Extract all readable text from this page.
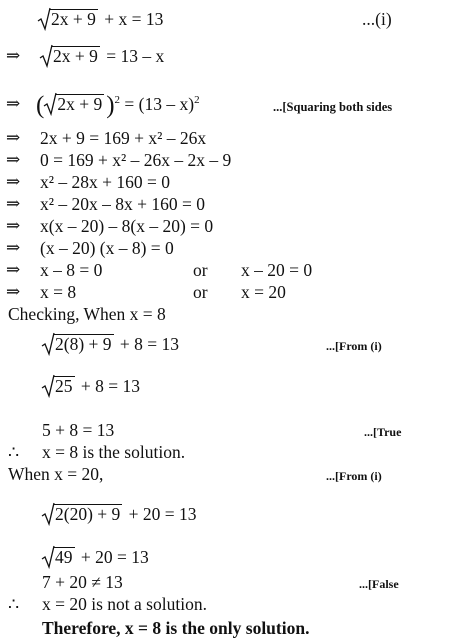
2x + 9 + x = 13	...(i)
⇒	2x + 9 = 13 – x
⇒ ( 2x + 9 )$^2$ = (13 – x)$^2$	...[Squaring both sides
⇒ 2x + 9 = 169 + x² – 26x
⇒ 0 = 169 + x² – 26x – 2x – 9
⇒ x² – 28x + 160 = 0
⇒ x² – 20x – 8x + 160 = 0
⇒ x(x – 20) – 8(x – 20) = 0
⇒ (x – 20) (x – 8) = 0
⇒ x – 8 = 0	or x – 20 = 0
⇒ x = 8	or x = 20
Checking, When x = 8
2(8) + 9 + 8 = 13	...[From (i)
25 + 8 = 13
5 + 8 = 13	...[True
∴ x = 8 is the solution.
When x = 20,	...[From (i)
2(20) + 9 + 20 = 13
49 + 20 = 13
7 + 20 ≠ 13	...[False
∴ x = 20 is not a solution.
Therefore, x = 8 is the only solution.
